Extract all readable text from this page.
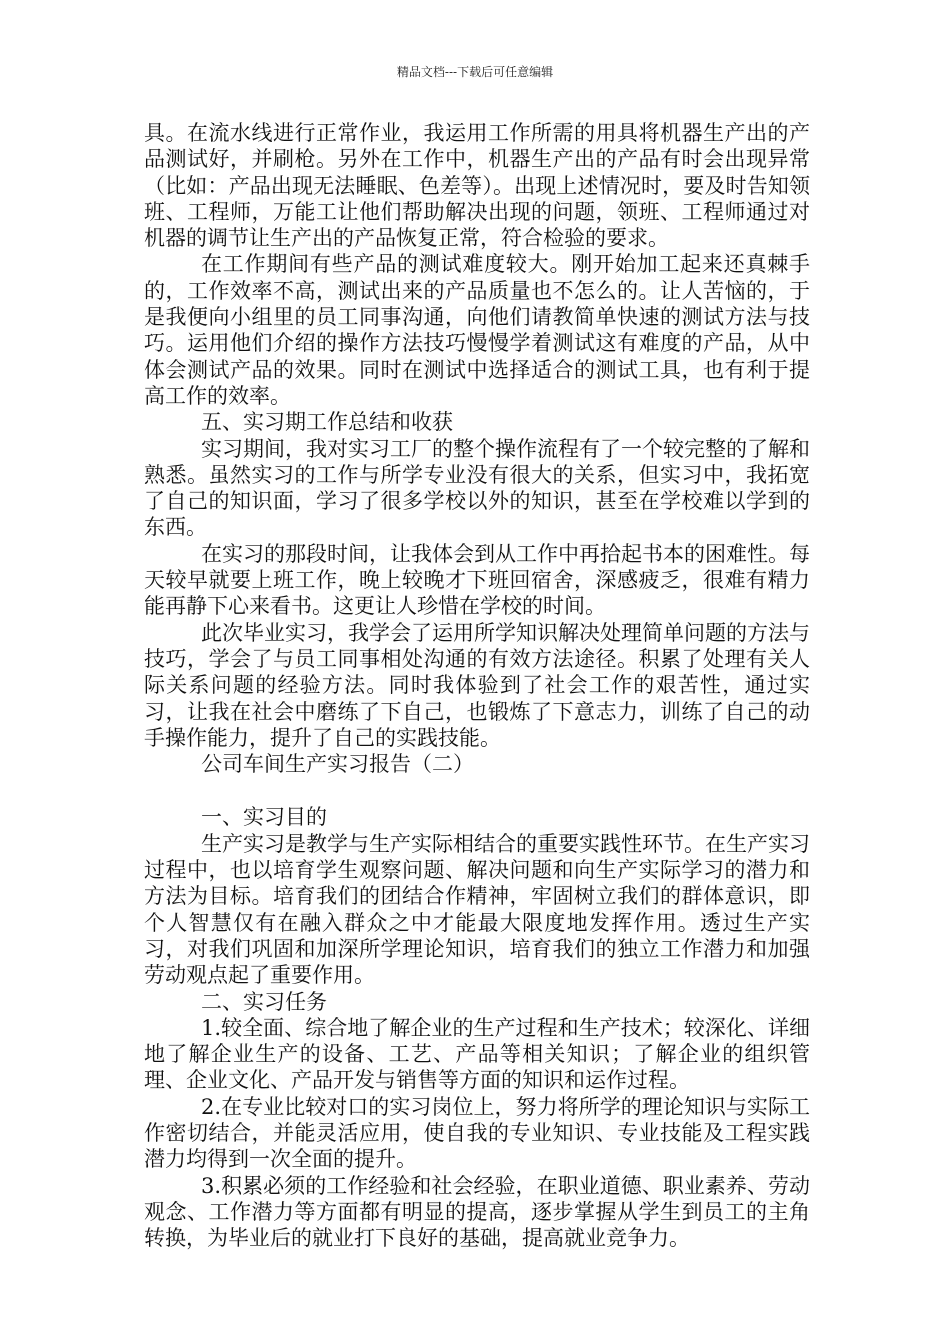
精品文档---下载后可任意编辑

具。在流水线进行正常作业，我运用工作所需的用具将机器生产出的产品测试好，并刷枪。另外在工作中，机器生产出的产品有时会出现异常（比如：产品出现无法睡眠、色差等）。出现上述情况时，要及时告知领班、工程师，万能工让他们帮助解决出现的问题，领班、工程师通过对机器的调节让生产出的产品恢复正常，符合检验的要求。

在工作期间有些产品的测试难度较大。刚开始加工起来还真棘手的，工作效率不高，测试出来的产品质量也不怎么的。让人苦恼的，于是我便向小组里的员工同事沟通，向他们请教简单快速的测试方法与技巧。运用他们介绍的操作方法技巧慢慢学着测试这有难度的产品，从中体会测试产品的效果。同时在测试中选择适合的测试工具，也有利于提高工作的效率。

五、实习期工作总结和收获

实习期间，我对实习工厂的整个操作流程有了一个较完整的了解和熟悉。虽然实习的工作与所学专业没有很大的关系，但实习中，我拓宽了自己的知识面，学习了很多学校以外的知识，甚至在学校难以学到的东西。

在实习的那段时间，让我体会到从工作中再拾起书本的困难性。每天较早就要上班工作，晚上较晚才下班回宿舍，深感疲乏，很难有精力能再静下心来看书。这更让人珍惜在学校的时间。

此次毕业实习，我学会了运用所学知识解决处理简单问题的方法与技巧，学会了与员工同事相处沟通的有效方法途径。积累了处理有关人际关系问题的经验方法。同时我体验到了社会工作的艰苦性，通过实习，让我在社会中磨练了下自己，也锻炼了下意志力，训练了自己的动手操作能力，提升了自己的实践技能。

公司车间生产实习报告（二）

一、实习目的

生产实习是教学与生产实际相结合的重要实践性环节。在生产实习过程中，也以培育学生观察问题、解决问题和向生产实际学习的潜力和方法为目标。培育我们的团结合作精神，牢固树立我们的群体意识，即个人智慧仅有在融入群众之中才能最大限度地发挥作用。透过生产实习，对我们巩固和加深所学理论知识，培育我们的独立工作潜力和加强劳动观点起了重要作用。

二、实习任务

1.较全面、综合地了解企业的生产过程和生产技术；较深化、详细地了解企业生产的设备、工艺、产品等相关知识；了解企业的组织管理、企业文化、产品开发与销售等方面的知识和运作过程。

2.在专业比较对口的实习岗位上，努力将所学的理论知识与实际工作密切结合，并能灵活应用，使自我的专业知识、专业技能及工程实践潜力均得到一次全面的提升。

3.积累必须的工作经验和社会经验，在职业道德、职业素养、劳动观念、工作潜力等方面都有明显的提高，逐步掌握从学生到员工的主角转换，为毕业后的就业打下良好的基础，提高就业竞争力。
